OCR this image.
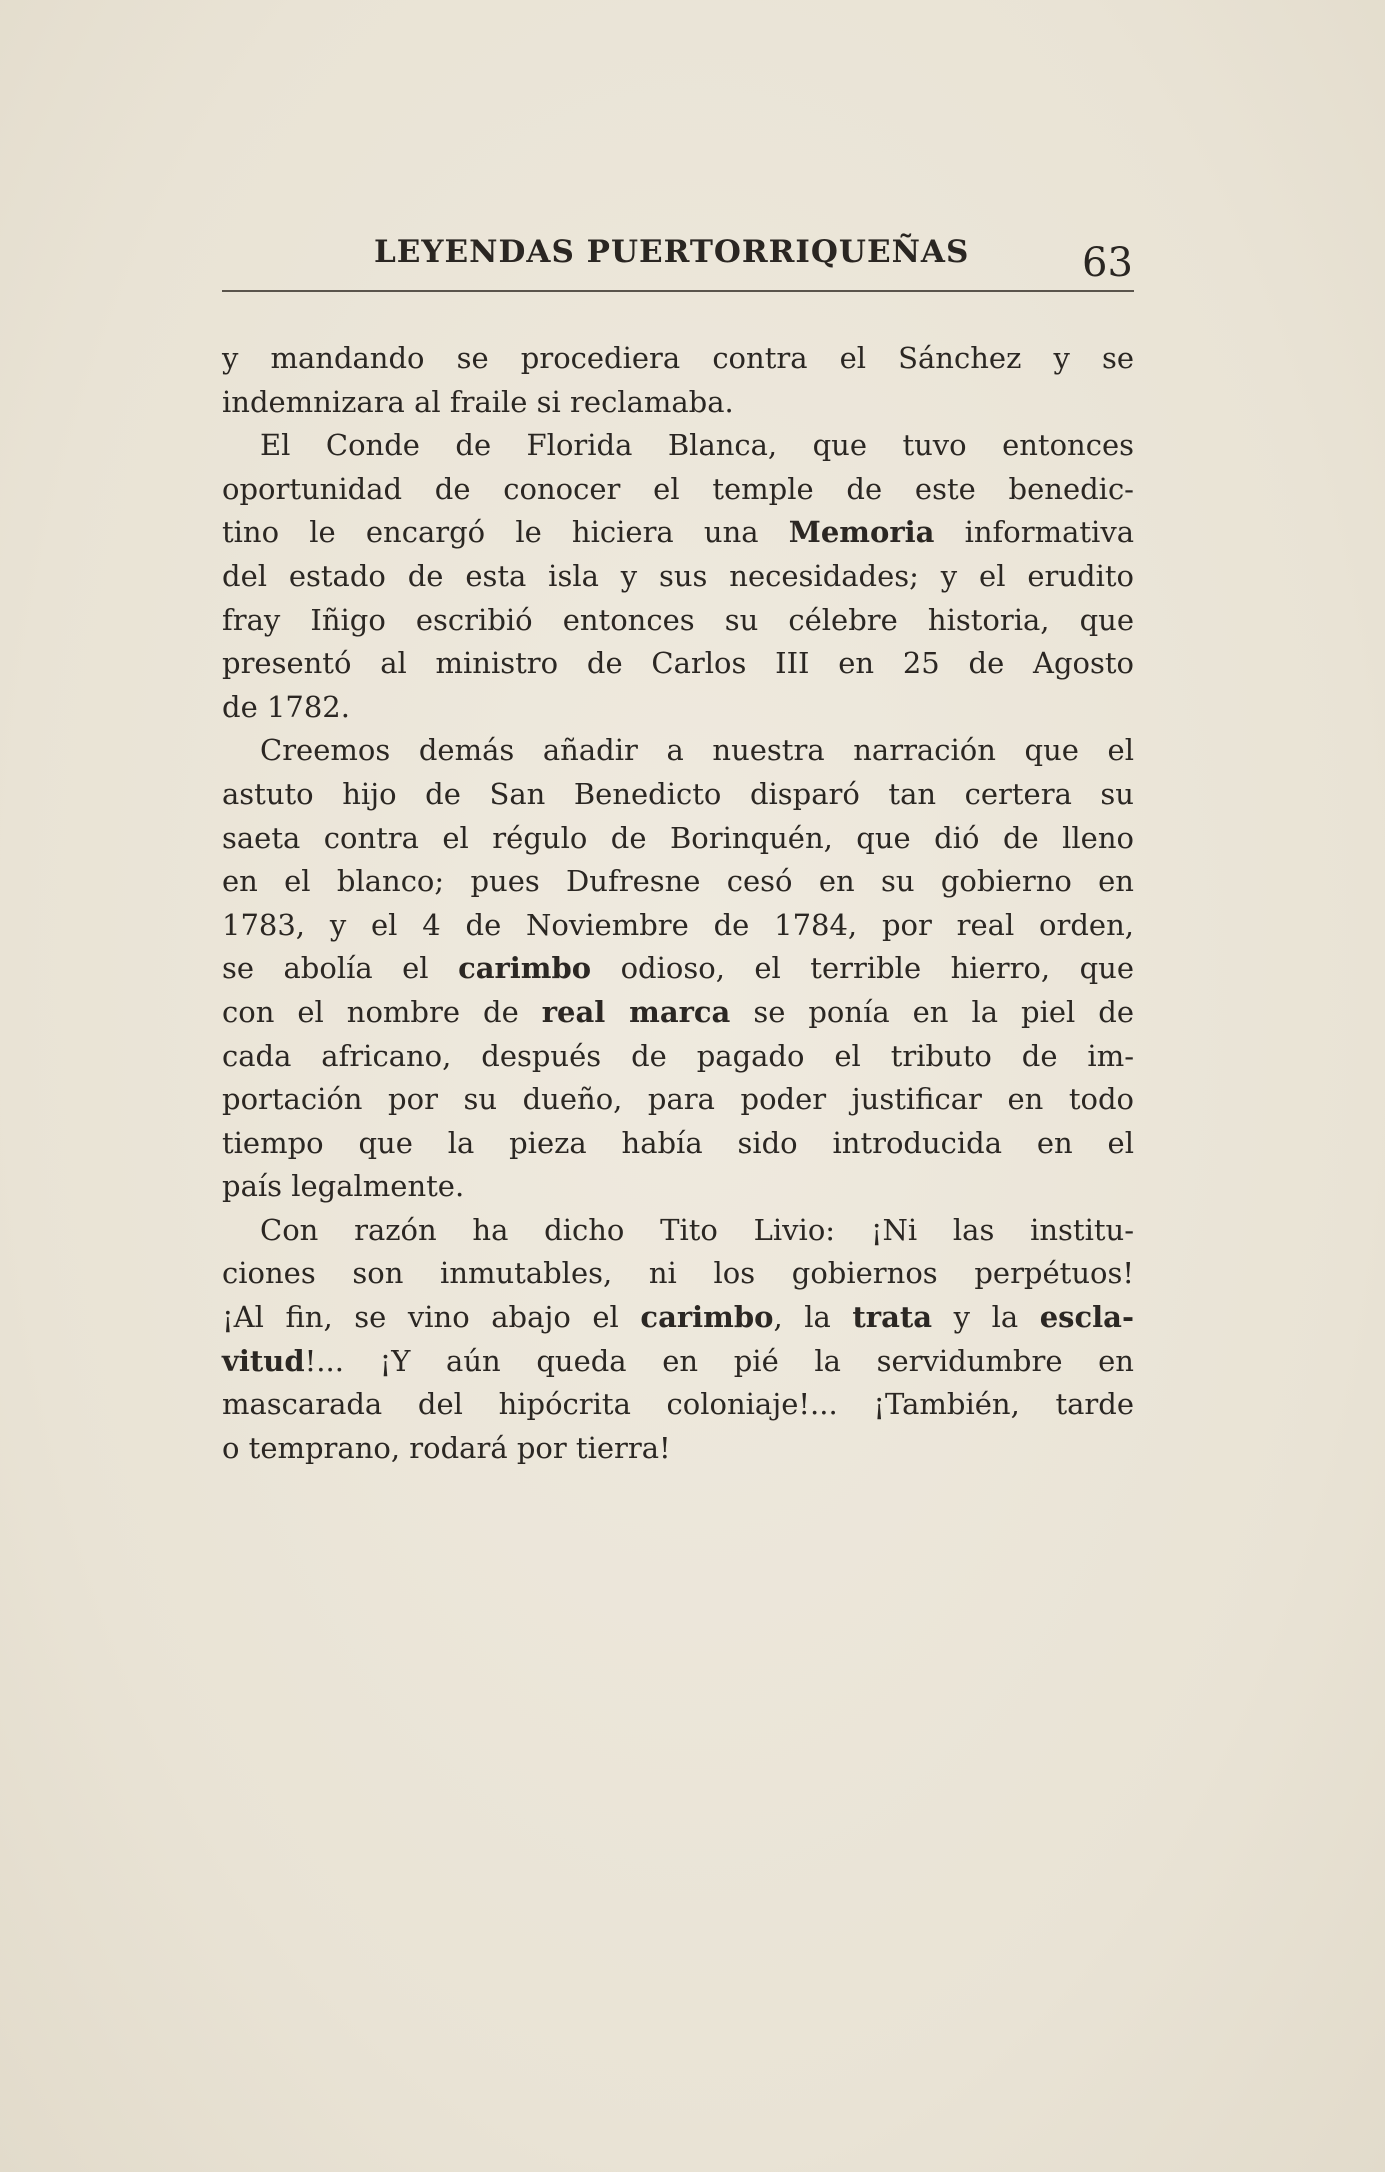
LEYENDAS PUERTORRIQUEÑAS	63
y mandando se procediera contra el Sánchez y se
indemnizara al fraile si reclamaba.
El Conde de Florida Blanca, que tuvo entonces
oportunidad de conocer el temple de este benedic-
tino le encargó le hiciera una Memoria informativa
del estado de esta isla y sus necesidades; y el erudito
fray Iñigo escribió entonces su célebre historia, que
presentó al ministro de Carlos III en 25 de Agosto
de 1782.
Creemos demás añadir a nuestra narración que el
astuto hijo de San Benedicto disparó tan certera su
saeta contra el régulo de Borinquén, que dió de lleno
en el blanco; pues Dufresne cesó en su gobierno en
1783, y el 4 de Noviembre de 1784, por real orden,
se abolía el carimbo odioso, el terrible hierro, que
con el nombre de real marca se ponía en la piel de
cada africano, después de pagado el tributo de im-
portación por su dueño, para poder justificar en todo
tiempo que la pieza había sido introducida en el
país legalmente.
Con razón ha dicho Tito Livio: ¡Ni las institu-
ciones son inmutables, ni los gobiernos perpétuos!
¡Al fin, se vino abajo el carimbo, la trata y la escla-
vitud!... ¡Y aún queda en pié la servidumbre en
mascarada del hipócrita coloniaje!... ¡También, tarde
o temprano, rodará por tierra!
